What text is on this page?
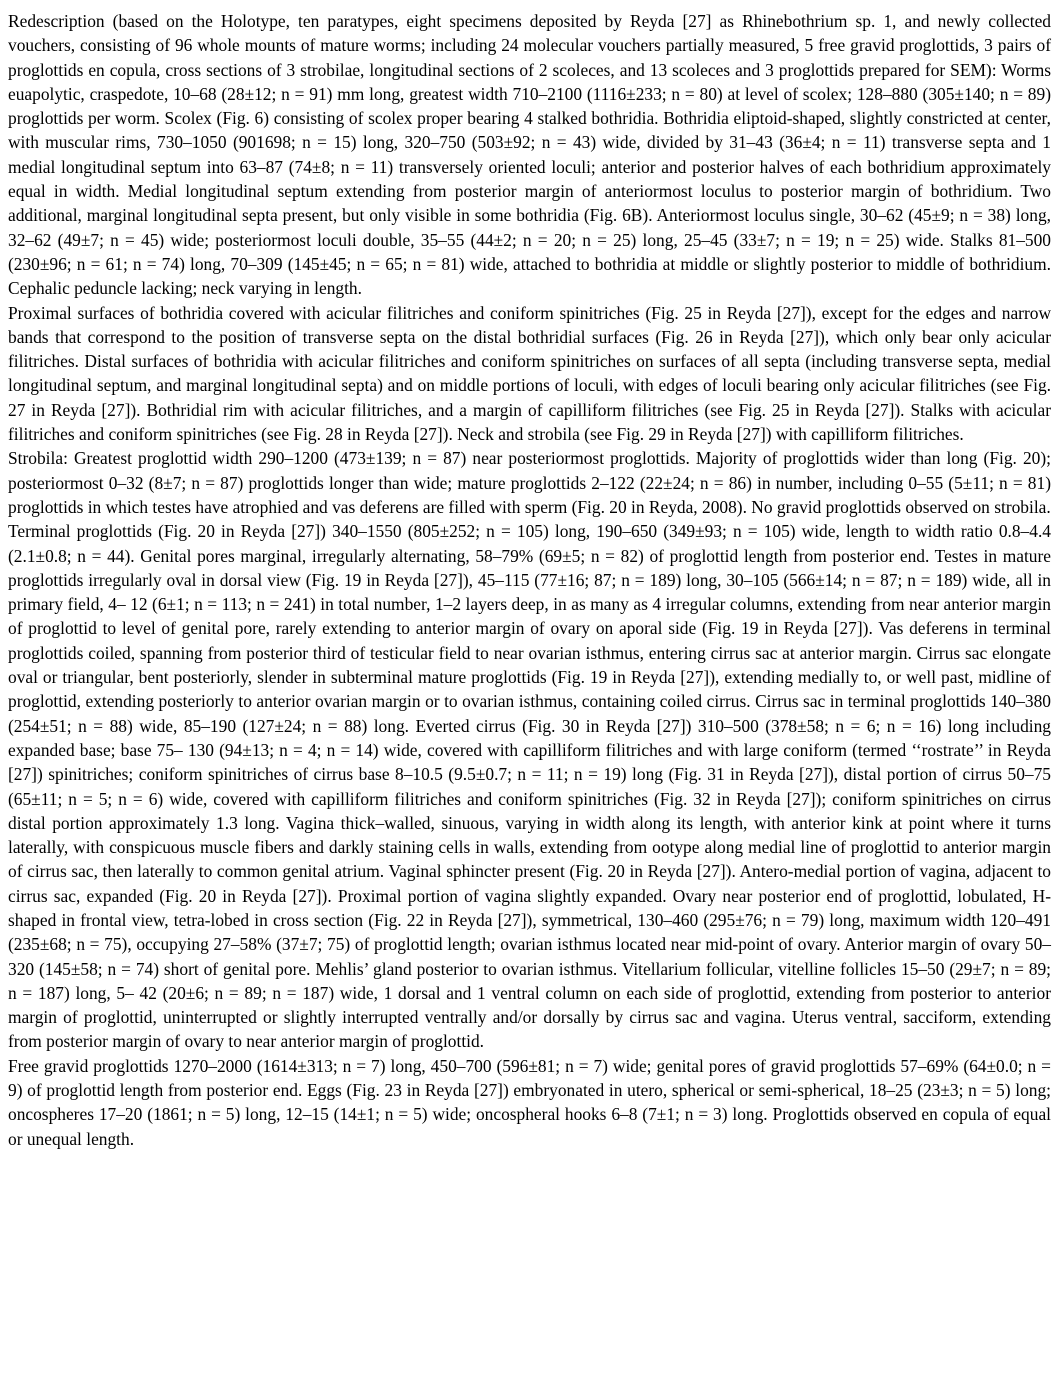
Redescription (based on the Holotype, ten paratypes, eight specimens deposited by Reyda [27] as Rhinebothrium sp. 1, and newly collected vouchers, consisting of 96 whole mounts of mature worms; including 24 molecular vouchers partially measured, 5 free gravid proglottids, 3 pairs of proglottids en copula, cross sections of 3 strobilae, longitudinal sections of 2 scoleces, and 13 scoleces and 3 proglottids prepared for SEM): Worms euapolytic, craspedote, 10–68 (28±12; n = 91) mm long, greatest width 710–2100 (1116±233; n = 80) at level of scolex; 128–880 (305±140; n = 89) proglottids per worm. Scolex (Fig. 6) consisting of scolex proper bearing 4 stalked bothridia. Bothridia eliptoid-shaped, slightly constricted at center, with muscular rims, 730–1050 (901698; n = 15) long, 320–750 (503±92; n = 43) wide, divided by 31–43 (36±4; n = 11) transverse septa and 1 medial longitudinal septum into 63–87 (74±8; n = 11) transversely oriented loculi; anterior and posterior halves of each bothridium approximately equal in width. Medial longitudinal septum extending from posterior margin of anteriormost loculus to posterior margin of bothridium. Two additional, marginal longitudinal septa present, but only visible in some bothridia (Fig. 6B). Anteriormost loculus single, 30–62 (45±9; n = 38) long, 32–62 (49±7; n = 45) wide; posteriormost loculi double, 35–55 (44±2; n = 20; n = 25) long, 25–45 (33±7; n = 19; n = 25) wide. Stalks 81–500 (230±96; n = 61; n = 74) long, 70–309 (145±45; n = 65; n = 81) wide, attached to bothridia at middle or slightly posterior to middle of bothridium. Cephalic peduncle lacking; neck varying in length.

Proximal surfaces of bothridia covered with acicular filitriches and coniform spinitriches (Fig. 25 in Reyda [27]), except for the edges and narrow bands that correspond to the position of transverse septa on the distal bothridial surfaces (Fig. 26 in Reyda [27]), which only bear only acicular filitriches. Distal surfaces of bothridia with acicular filitriches and coniform spinitriches on surfaces of all septa (including transverse septa, medial longitudinal septum, and marginal longitudinal septa) and on middle portions of loculi, with edges of loculi bearing only acicular filitriches (see Fig. 27 in Reyda [27]). Bothridial rim with acicular filitriches, and a margin of capilliform filitriches (see Fig. 25 in Reyda [27]). Stalks with acicular filitriches and coniform spinitriches (see Fig. 28 in Reyda [27]). Neck and strobila (see Fig. 29 in Reyda [27]) with capilliform filitriches.

Strobila: Greatest proglottid width 290–1200 (473±139; n = 87) near posteriormost proglottids. Majority of proglottids wider than long (Fig. 20); posteriormost 0–32 (8±7; n = 87) proglottids longer than wide; mature proglottids 2–122 (22±24; n = 86) in number, including 0–55 (5±11; n = 81) proglottids in which testes have atrophied and vas deferens are filled with sperm (Fig. 20 in Reyda, 2008). No gravid proglottids observed on strobila.

Terminal proglottids (Fig. 20 in Reyda [27]) 340–1550 (805±252; n = 105) long, 190–650 (349±93; n = 105) wide, length to width ratio 0.8–4.4 (2.1±0.8; n = 44). Genital pores marginal, irregularly alternating, 58–79% (69±5; n = 82) of proglottid length from posterior end. Testes in mature proglottids irregularly oval in dorsal view (Fig. 19 in Reyda [27]), 45–115 (77±16; 87; n = 189) long, 30–105 (566±14; n = 87; n = 189) wide, all in primary field, 4– 12 (6±1; n = 113; n = 241) in total number, 1–2 layers deep, in as many as 4 irregular columns, extending from near anterior margin of proglottid to level of genital pore, rarely extending to anterior margin of ovary on aporal side (Fig. 19 in Reyda [27]). Vas deferens in terminal proglottids coiled, spanning from posterior third of testicular field to near ovarian isthmus, entering cirrus sac at anterior margin. Cirrus sac elongate oval or triangular, bent posteriorly, slender in subterminal mature proglottids (Fig. 19 in Reyda [27]), extending medially to, or well past, midline of proglottid, extending posteriorly to anterior ovarian margin or to ovarian isthmus, containing coiled cirrus. Cirrus sac in terminal proglottids 140–380 (254±51; n = 88) wide, 85–190 (127±24; n = 88) long. Everted cirrus (Fig. 30 in Reyda [27]) 310–500 (378±58; n = 6; n = 16) long including expanded base; base 75– 130 (94±13; n = 4; n = 14) wide, covered with capilliform filitriches and with large coniform (termed ‘‘rostrate’’ in Reyda [27]) spinitriches; coniform spinitriches of cirrus base 8–10.5 (9.5±0.7; n = 11; n = 19) long (Fig. 31 in Reyda [27]), distal portion of cirrus 50–75 (65±11; n = 5; n = 6) wide, covered with capilliform filitriches and coniform spinitriches (Fig. 32 in Reyda [27]); coniform spinitriches on cirrus distal portion approximately 1.3 long. Vagina thick–walled, sinuous, varying in width along its length, with anterior kink at point where it turns laterally, with conspicuous muscle fibers and darkly staining cells in walls, extending from ootype along medial line of proglottid to anterior margin of cirrus sac, then laterally to common genital atrium. Vaginal sphincter present (Fig. 20 in Reyda [27]). Antero-medial portion of vagina, adjacent to cirrus sac, expanded (Fig. 20 in Reyda [27]). Proximal portion of vagina slightly expanded. Ovary near posterior end of proglottid, lobulated, H-shaped in frontal view, tetra-lobed in cross section (Fig. 22 in Reyda [27]), symmetrical, 130–460 (295±76; n = 79) long, maximum width 120–491 (235±68; n = 75), occupying 27–58% (37±7; 75) of proglottid length; ovarian isthmus located near mid-point of ovary. Anterior margin of ovary 50–320 (145±58; n = 74) short of genital pore. Mehlis’ gland posterior to ovarian isthmus. Vitellarium follicular, vitelline follicles 15–50 (29±7; n = 89; n = 187) long, 5– 42 (20±6; n = 89; n = 187) wide, 1 dorsal and 1 ventral column on each side of proglottid, extending from posterior to anterior margin of proglottid, uninterrupted or slightly interrupted ventrally and/or dorsally by cirrus sac and vagina. Uterus ventral, sacciform, extending from posterior margin of ovary to near anterior margin of proglottid.

Free gravid proglottids 1270–2000 (1614±313; n = 7) long, 450–700 (596±81; n = 7) wide; genital pores of gravid proglottids 57–69% (64±0.0; n = 9) of proglottid length from posterior end. Eggs (Fig. 23 in Reyda [27]) embryonated in utero, spherical or semi-spherical, 18–25 (23±3; n = 5) long; oncospheres 17–20 (1861; n = 5) long, 12–15 (14±1; n = 5) wide; oncospheral hooks 6–8 (7±1; n = 3) long. Proglottids observed en copula of equal or unequal length.
